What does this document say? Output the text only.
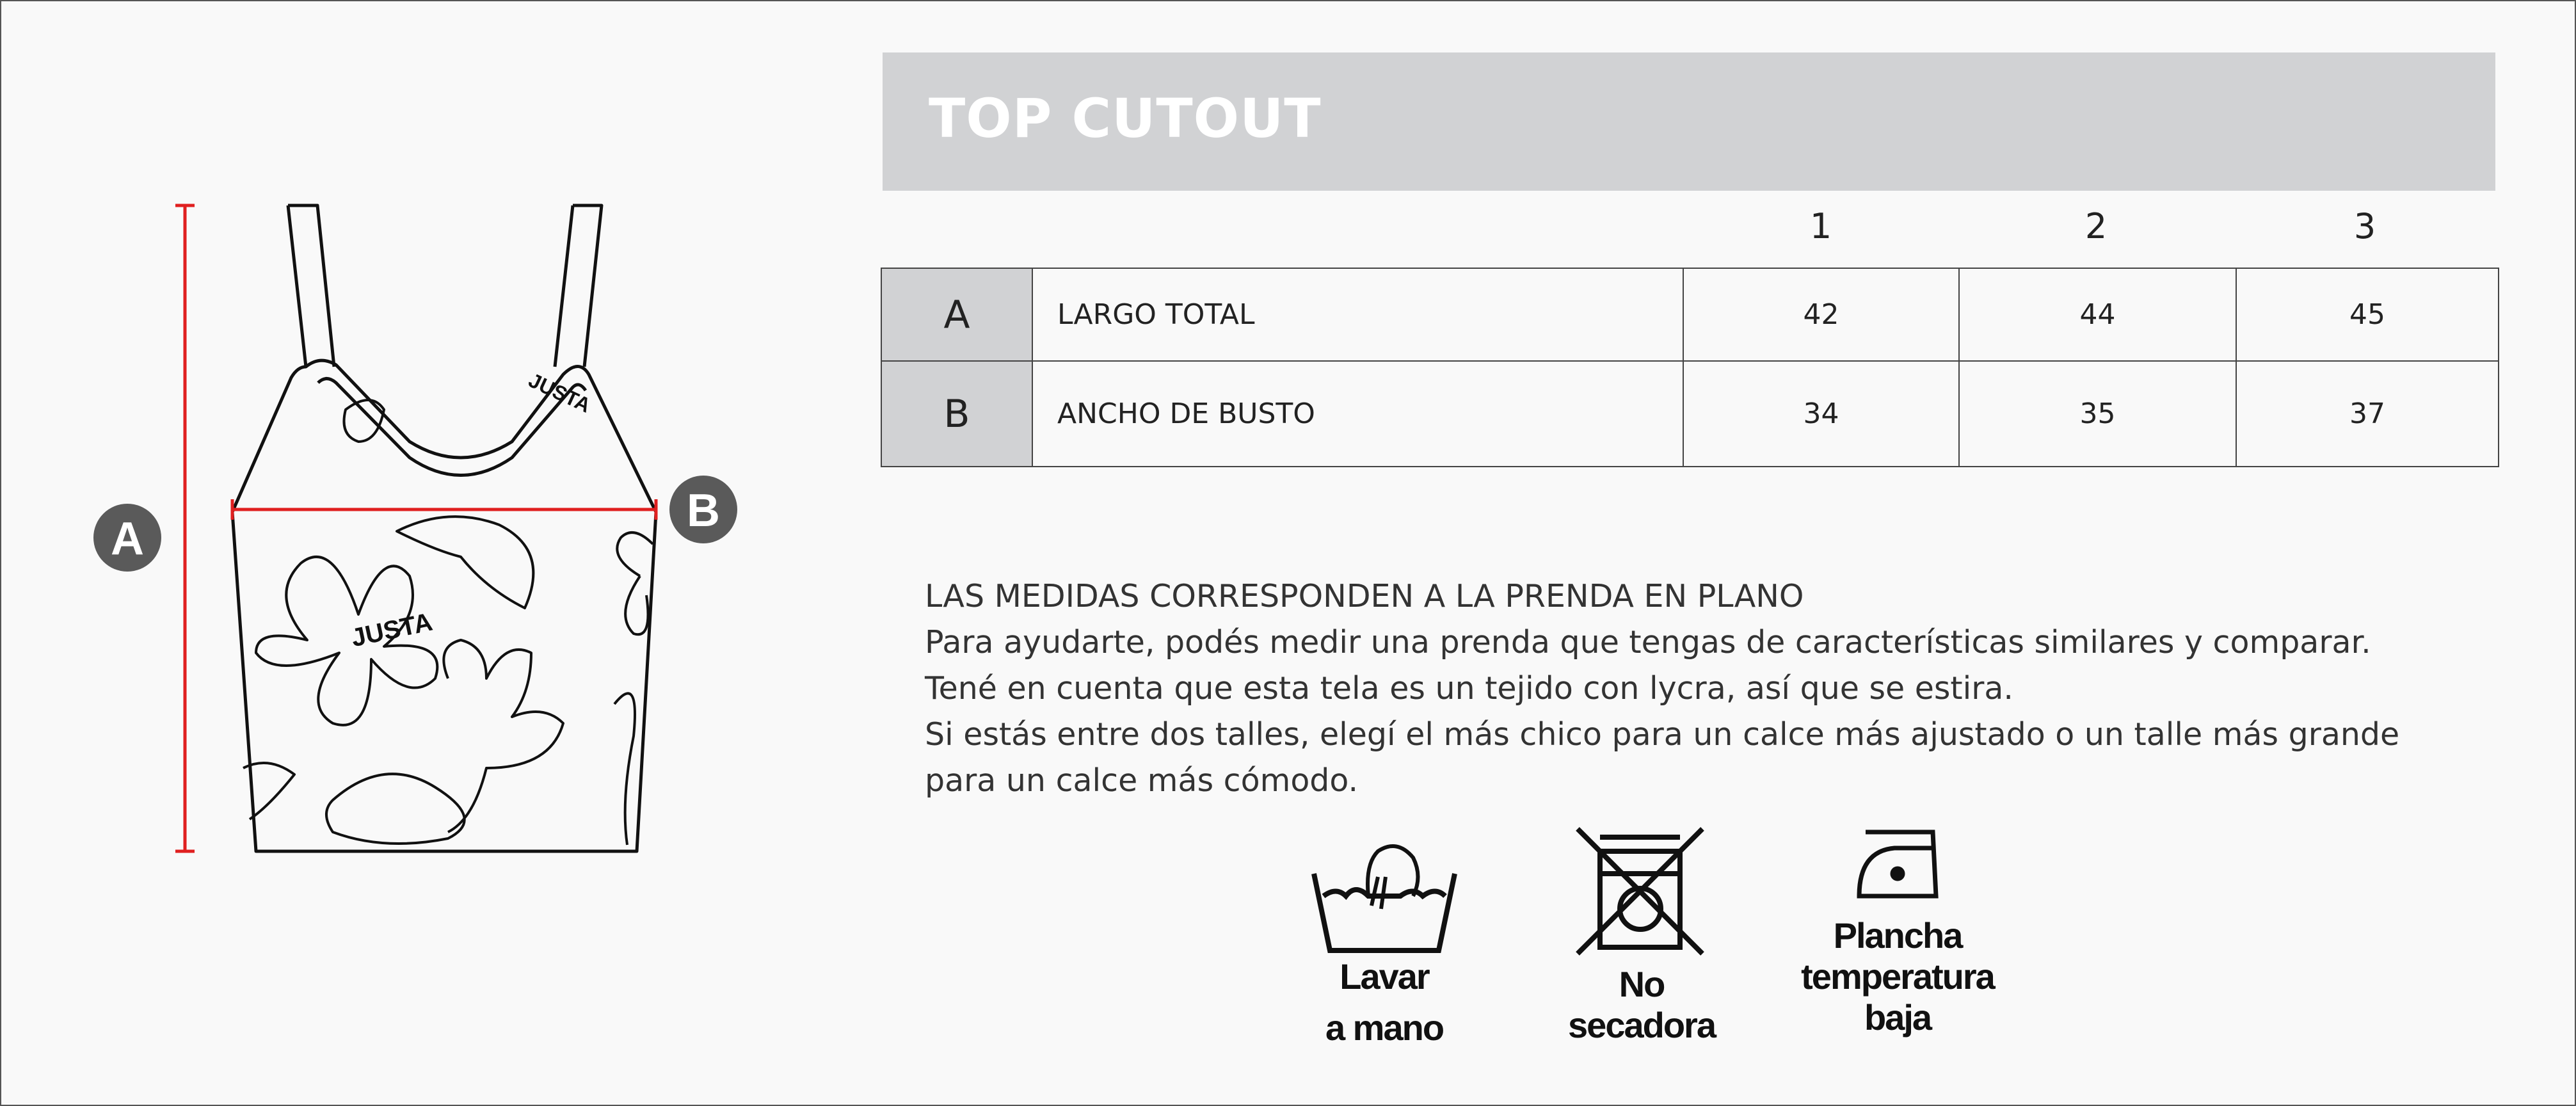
JUSTA
JUSTA
A
B
TOP CUTOUT
1	2	3
A	LARGO TOTAL	42	44	45
B	ANCHO DE BUSTO	34	35	37
LAS MEDIDAS CORRESPONDEN A LA PRENDA EN PLANO
Para ayudarte, podés medir una prenda que tengas de características similares y comparar.
Tené en cuenta que esta tela es un tejido con lycra, así que se estira.
Si estás entre dos talles, elegí el más chico para un calce más ajustado o un talle más grande para un calce más cómodo.
Lavar
a mano
No
secadora
Plancha
temperatura
baja
